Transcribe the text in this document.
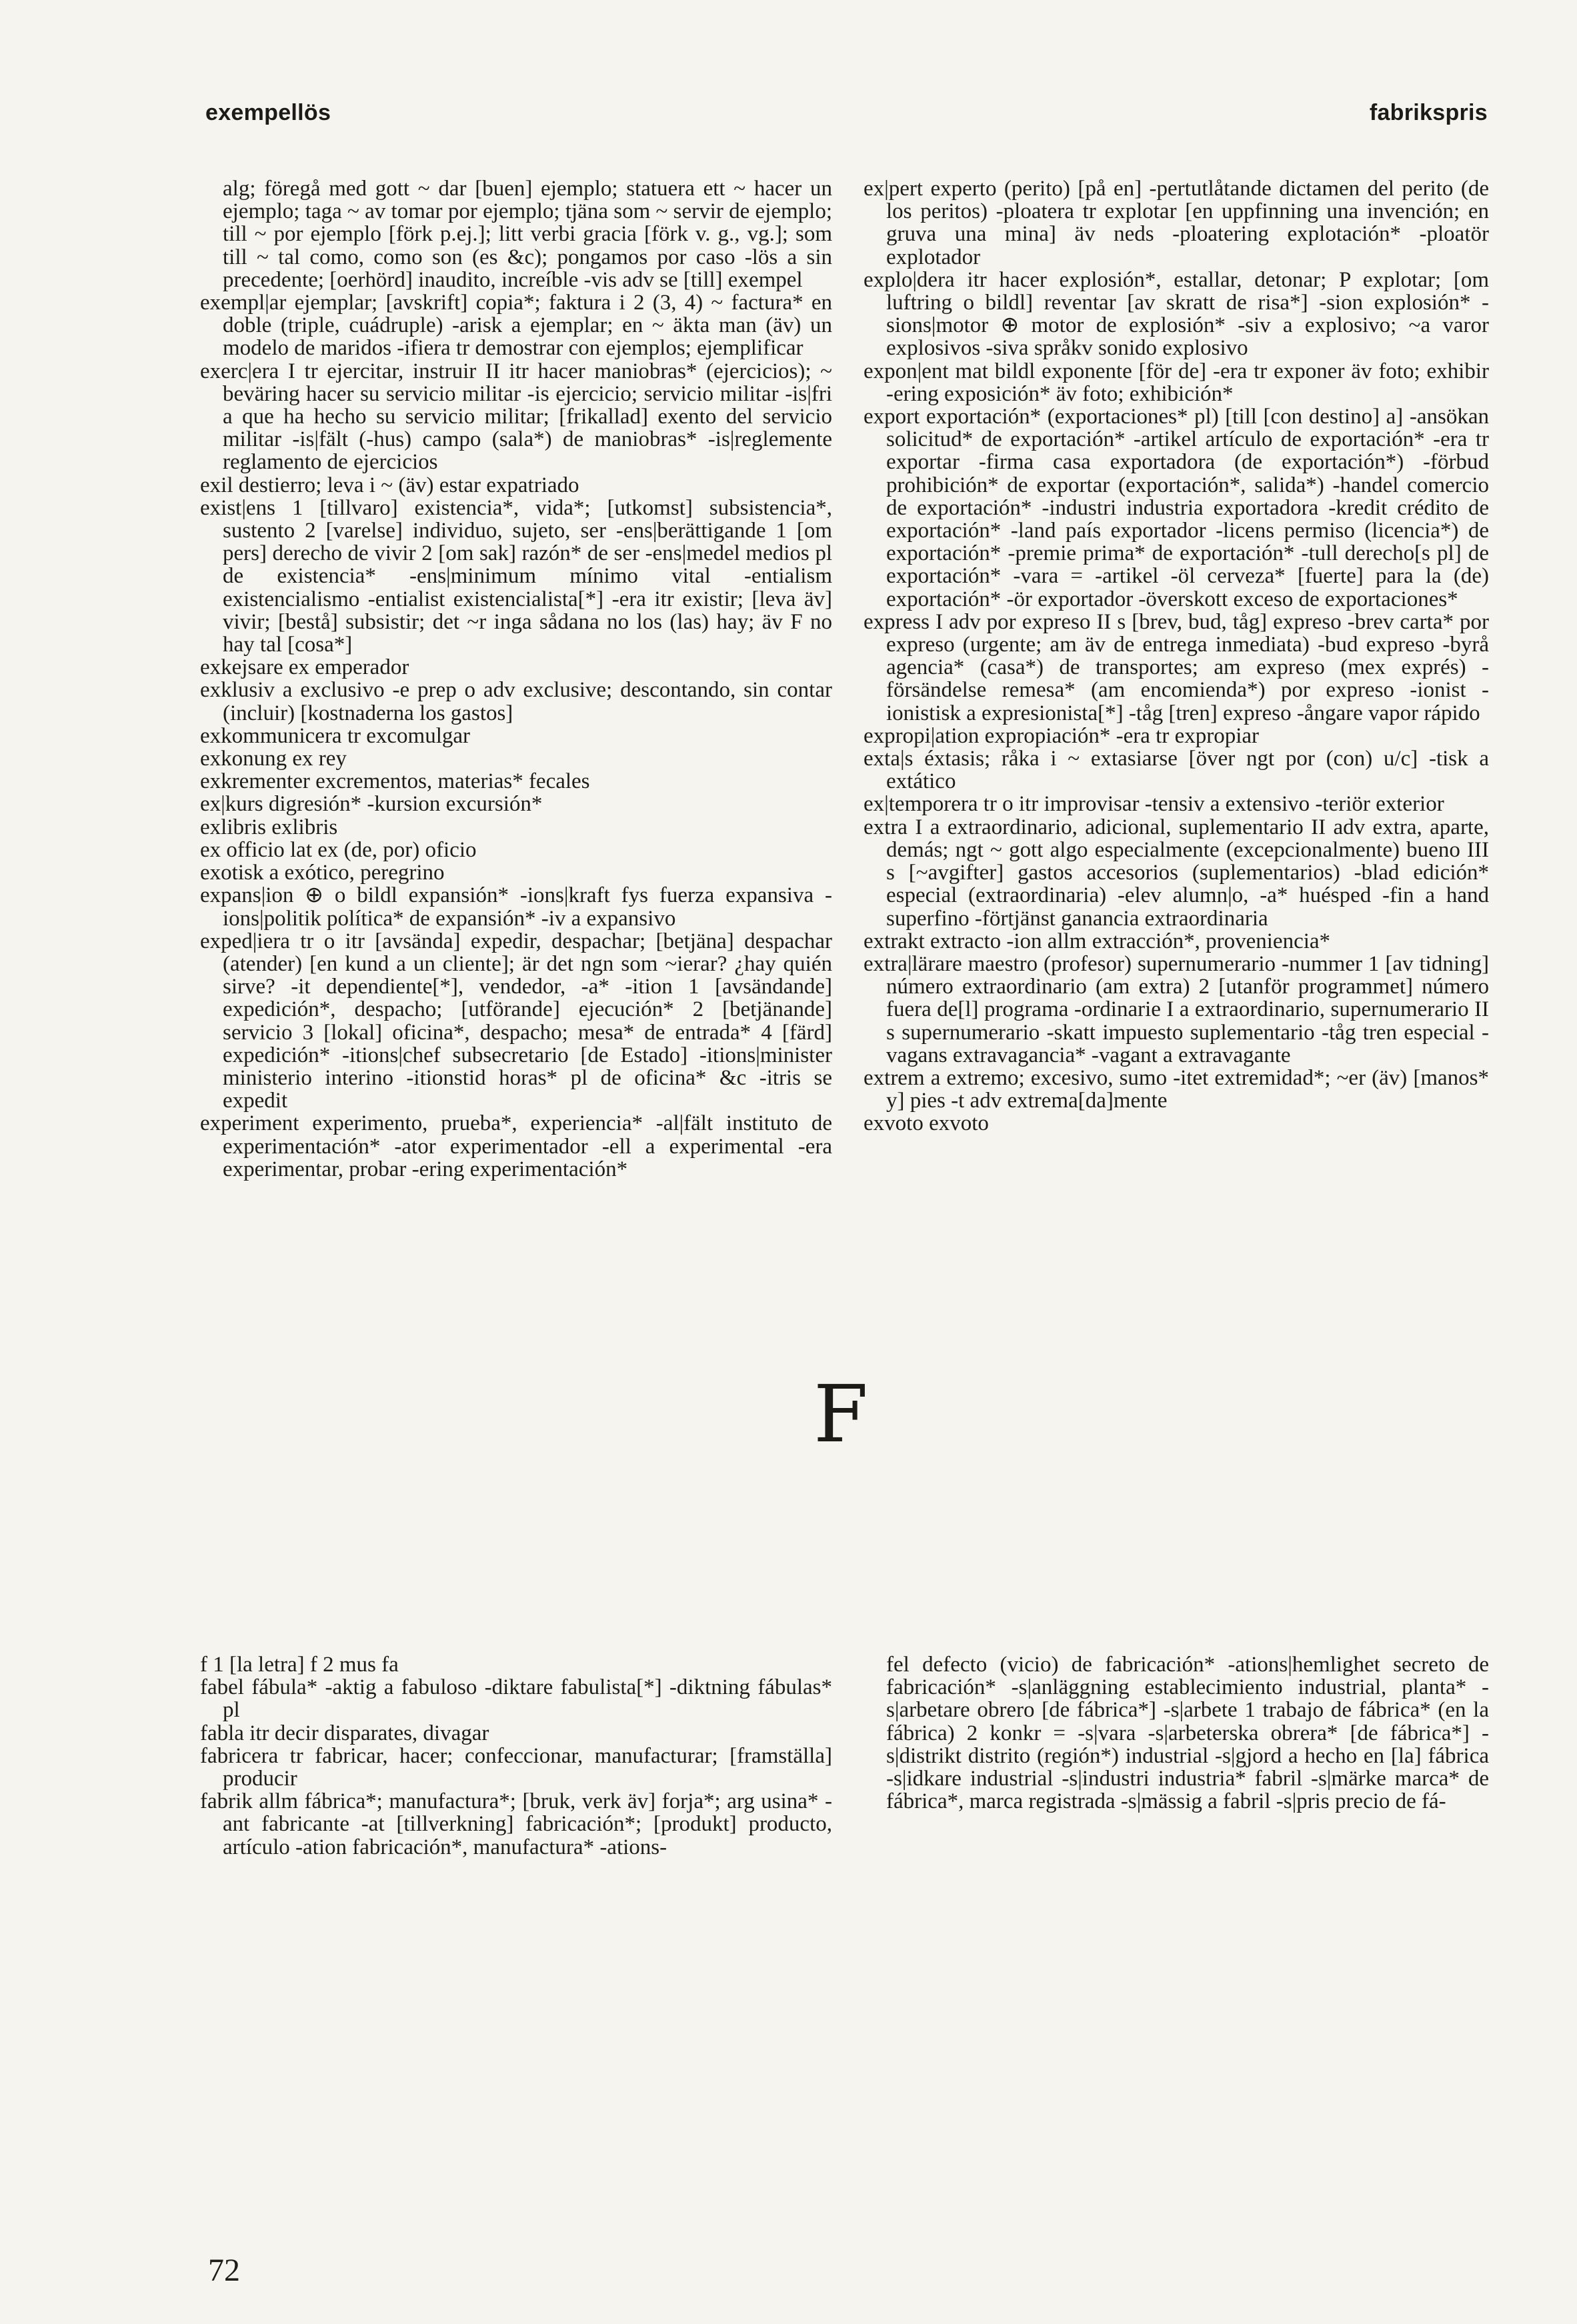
exempellös	fabrikspris

alg; föregå med gott ~ dar [buen] ejemplo; statuera ett ~ hacer un ejemplo; taga ~ av tomar por ejemplo; tjäna som ~ servir de ejemplo; till ~ por ejemplo [förk p.ej.]; litt verbi gracia [förk v. g., vg.]; som till ~ tal como, como son (es &c); pongamos por caso -lös a sin precedente; [oerhörd] inaudito, increíble -vis adv se [till] exempel

exempl|ar ejemplar; [avskrift] copia*; faktura i 2 (3, 4) ~ factura* en doble (triple, cuádruple) -arisk a ejemplar; en ~ äkta man (äv) un modelo de maridos -ifiera tr demostrar con ejemplos; ejemplificar

exerc|era I tr ejercitar, instruir II itr hacer maniobras* (ejercicios); ~ beväring hacer su servicio militar -is ejercicio; servicio militar -is|fri a que ha hecho su servicio militar; [frikallad] exento del servicio militar -is|fält (-hus) campo (sala*) de maniobras* -is|reglemente reglamento de ejercicios

exil destierro; leva i ~ (äv) estar expatriado

exist|ens 1 [tillvaro] existencia*, vida*; [utkomst] subsistencia*, sustento 2 [varelse] individuo, sujeto, ser -ens|berättigande 1 [om pers] derecho de vivir 2 [om sak] razón* de ser -ens|medel medios pl de existencia* -ens|minimum mínimo vital -entialism existencialismo -entialist existencialista[*] -era itr existir; [leva äv] vivir; [bestå] subsistir; det ~r inga sådana no los (las) hay; äv F no hay tal [cosa*]

exkejsare ex emperador

exklusiv a exclusivo -e prep o adv exclusive; descontando, sin contar (incluir) [kostnaderna los gastos]

exkommunicera tr excomulgar

exkonung ex rey

exkrementer excrementos, materias* fecales

ex|kurs digresión* -kursion excursión*

exlibris exlibris

ex officio lat ex (de, por) oficio

exotisk a exótico, peregrino

expans|ion ⊕ o bildl expansión* -ions|kraft fys fuerza expansiva -ions|politik política* de expansión* -iv a expansivo

exped|iera tr o itr [avsända] expedir, despachar; [betjäna] despachar (atender) [en kund a un cliente]; är det ngn som ~ierar? ¿hay quién sirve? -it dependiente[*], vendedor, -a* -ition 1 [avsändande] expedición*, despacho; [utförande] ejecución* 2 [betjänande] servicio 3 [lokal] oficina*, despacho; mesa* de entrada* 4 [färd] expedición* -itions|chef subsecretario [de Estado] -itions|minister ministerio interino -itionstid horas* pl de oficina* &c -itris se expedit

experiment experimento, prueba*, experiencia* -al|fält instituto de experimentación* -ator experimentador -ell a experimental -era experimentar, probar -ering experimentación*

ex|pert experto (perito) [på en] -pertutlåtande dictamen del perito (de los peritos) -ploatera tr explotar [en uppfinning una invención; en gruva una mina] äv neds -ploatering explotación* -ploatör explotador

explo|dera itr hacer explosión*, estallar, detonar; P explotar; [om luftring o bildl] reventar [av skratt de risa*] -sion explosión* -sions|motor ⊕ motor de explosión* -siv a explosivo; ~a varor explosivos -siva språkv sonido explosivo

expon|ent mat bildl exponente [för de] -era tr exponer äv foto; exhibir -ering exposición* äv foto; exhibición*

export exportación* (exportaciones* pl) [till [con destino] a] -ansökan solicitud* de exportación* -artikel artículo de exportación* -era tr exportar -firma casa exportadora (de exportación*) -förbud prohibición* de exportar (exportación*, salida*) -handel comercio de exportación* -industri industria exportadora -kredit crédito de exportación* -land país exportador -licens permiso (licencia*) de exportación* -premie prima* de exportación* -tull derecho[s pl] de exportación* -vara = -artikel -öl cerveza* [fuerte] para la (de) exportación* -ör exportador -överskott exceso de exportaciones*

express I adv por expreso II s [brev, bud, tåg] expreso -brev carta* por expreso (urgente; am äv de entrega inmediata) -bud expreso -byrå agencia* (casa*) de transportes; am expreso (mex exprés) -försändelse remesa* (am encomienda*) por expreso -ionist -ionistisk a expresionista[*] -tåg [tren] expreso -ångare vapor rápido

expropi|ation expropiación* -era tr expropiar

exta|s éxtasis; råka i ~ extasiarse [över ngt por (con) u/c] -tisk a extático

ex|temporera tr o itr improvisar -tensiv a extensivo -teriör exterior

extra I a extraordinario, adicional, suplementario II adv extra, aparte, demás; ngt ~ gott algo especialmente (excepcionalmente) bueno III s [~avgifter] gastos accesorios (suplementarios) -blad edición* especial (extraordinaria) -elev alumn|o, -a* huésped -fin a hand superfino -förtjänst ganancia extraordinaria

extrakt extracto -ion allm extracción*, proveniencia*

extra|lärare maestro (profesor) supernumerario -nummer 1 [av tidning] número extraordinario (am extra) 2 [utanför programmet] número fuera de[l] programa -ordinarie I a extraordinario, supernumerario II s supernumerario -skatt impuesto suplementario -tåg tren especial -vagans extravagancia* -vagant a extravagante

extrem a extremo; excesivo, sumo -itet extremidad*; ~er (äv) [manos* y] pies -t adv extrema[da]mente

exvoto exvoto

F

f 1 [la letra] f 2 mus fa

fabel fábula* -aktig a fabuloso -diktare fabulista[*] -diktning fábulas* pl

fabla itr decir disparates, divagar

fabricera tr fabricar, hacer; confeccionar, manufacturar; [framställa] producir

fabrik allm fábrica*; manufactura*; [bruk, verk äv] forja*; arg usina* -ant fabricante -at [tillverkning] fabricación*; [produkt] producto, artículo -ation fabricación*, manufactura* -ations-

fel defecto (vicio) de fabricación* -ations|hemlighet secreto de fabricación* -s|anläggning establecimiento industrial, planta* -s|arbetare obrero [de fábrica*] -s|arbete 1 trabajo de fábrica* (en la fábrica) 2 konkr = -s|vara -s|arbeterska obrera* [de fábrica*] -s|distrikt distrito (región*) industrial -s|gjord a hecho en [la] fábrica -s|idkare industrial -s|industri industria* fabril -s|märke marca* de fábrica*, marca registrada -s|mässig a fabril -s|pris precio de fá-

72
